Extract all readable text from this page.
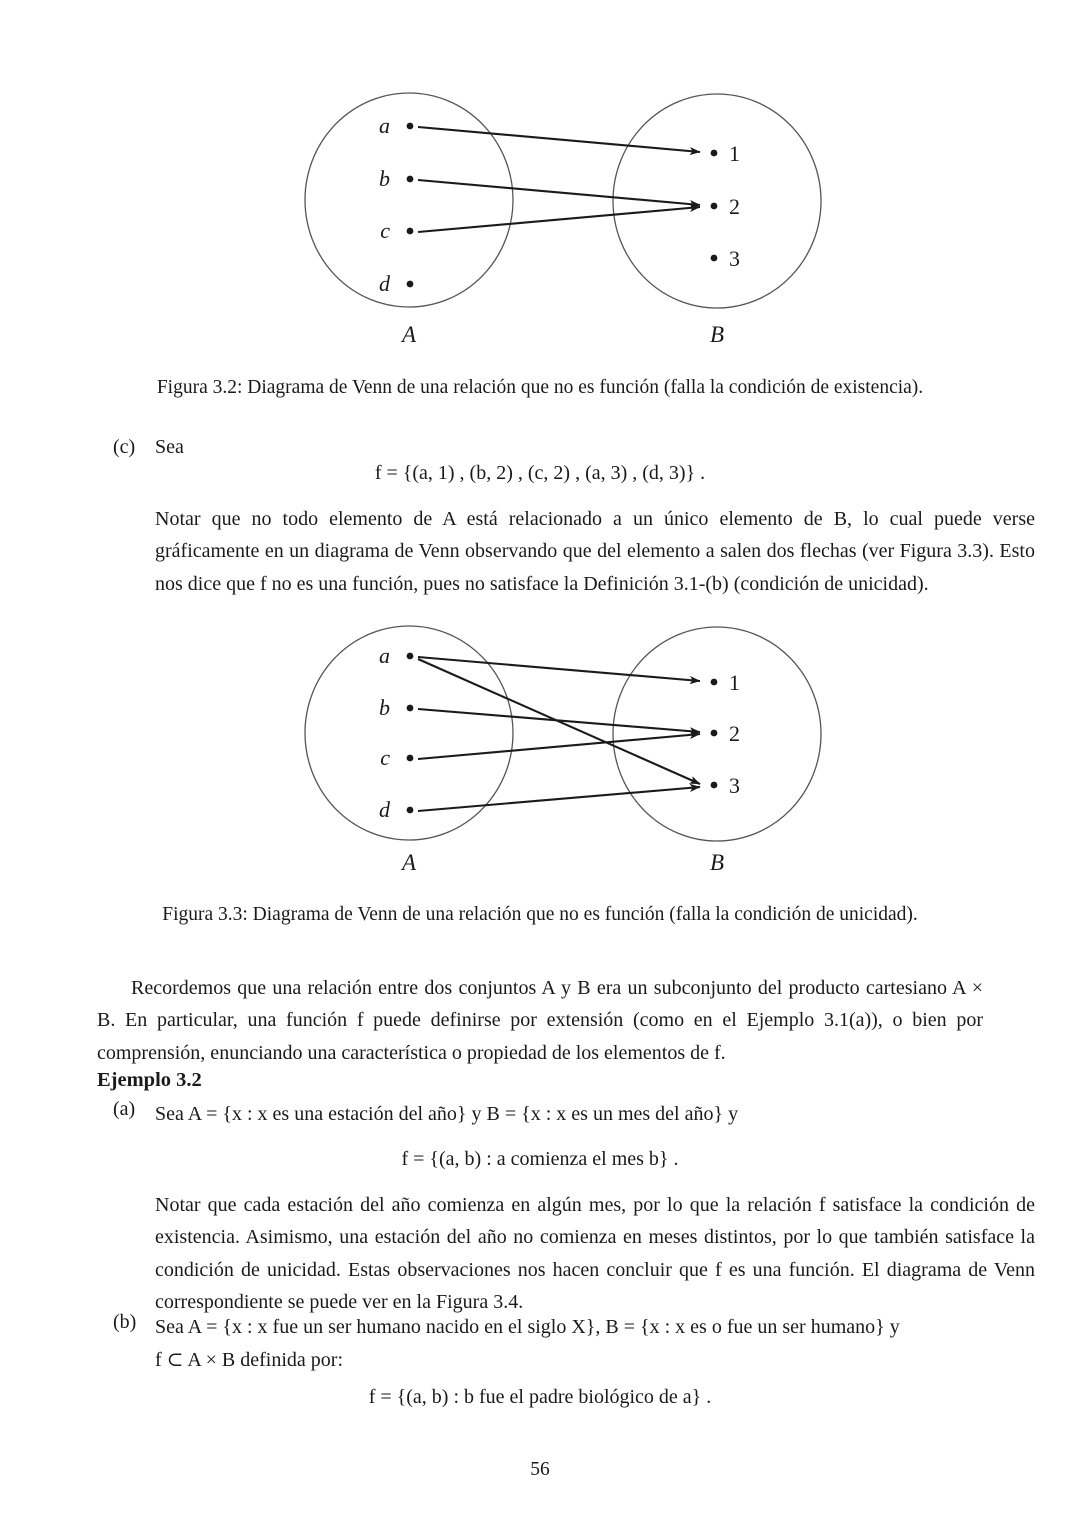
a
b
c
d
1
2
3
A	B
Figura 3.2: Diagrama de Venn de una relación que no es función (falla la condición de existencia).
(c) Sea
f = {(a, 1) , (b, 2) , (c, 2) , (a, 3) , (d, 3)} .
Notar que no todo elemento de A está relacionado a un único elemento de B, lo cual puede verse gráficamente en un diagrama de Venn observando que del elemento a salen dos flechas (ver Figura 3.3). Esto nos dice que f no es una función, pues no satisface la Definición 3.1-(b) (condición de unicidad).
a
b
c
d
1
2
3
A	B
Figura 3.3: Diagrama de Venn de una relación que no es función (falla la condición de unicidad).
Recordemos que una relación entre dos conjuntos A y B era un subconjunto del producto cartesiano A × B. En particular, una función f puede definirse por extensión (como en el Ejemplo 3.1(a)), o bien por comprensión, enunciando una característica o propiedad de los elementos de f.
Ejemplo 3.2
(a) Sea A = {x : x es una estación del año} y B = {x : x es un mes del año} y
f = {(a, b) : a comienza el mes b} .
Notar que cada estación del año comienza en algún mes, por lo que la relación f satisface la condición de existencia. Asimismo, una estación del año no comienza en meses distintos, por lo que también satisface la condición de unicidad. Estas observaciones nos hacen concluir que f es una función. El diagrama de Venn correspondiente se puede ver en la Figura 3.4.
(b) Sea A = {x : x fue un ser humano nacido en el siglo X}, B = {x : x es o fue un ser humano} y
f ⊂ A × B definida por:
f = {(a, b) : b fue el padre biológico de a} .
56
